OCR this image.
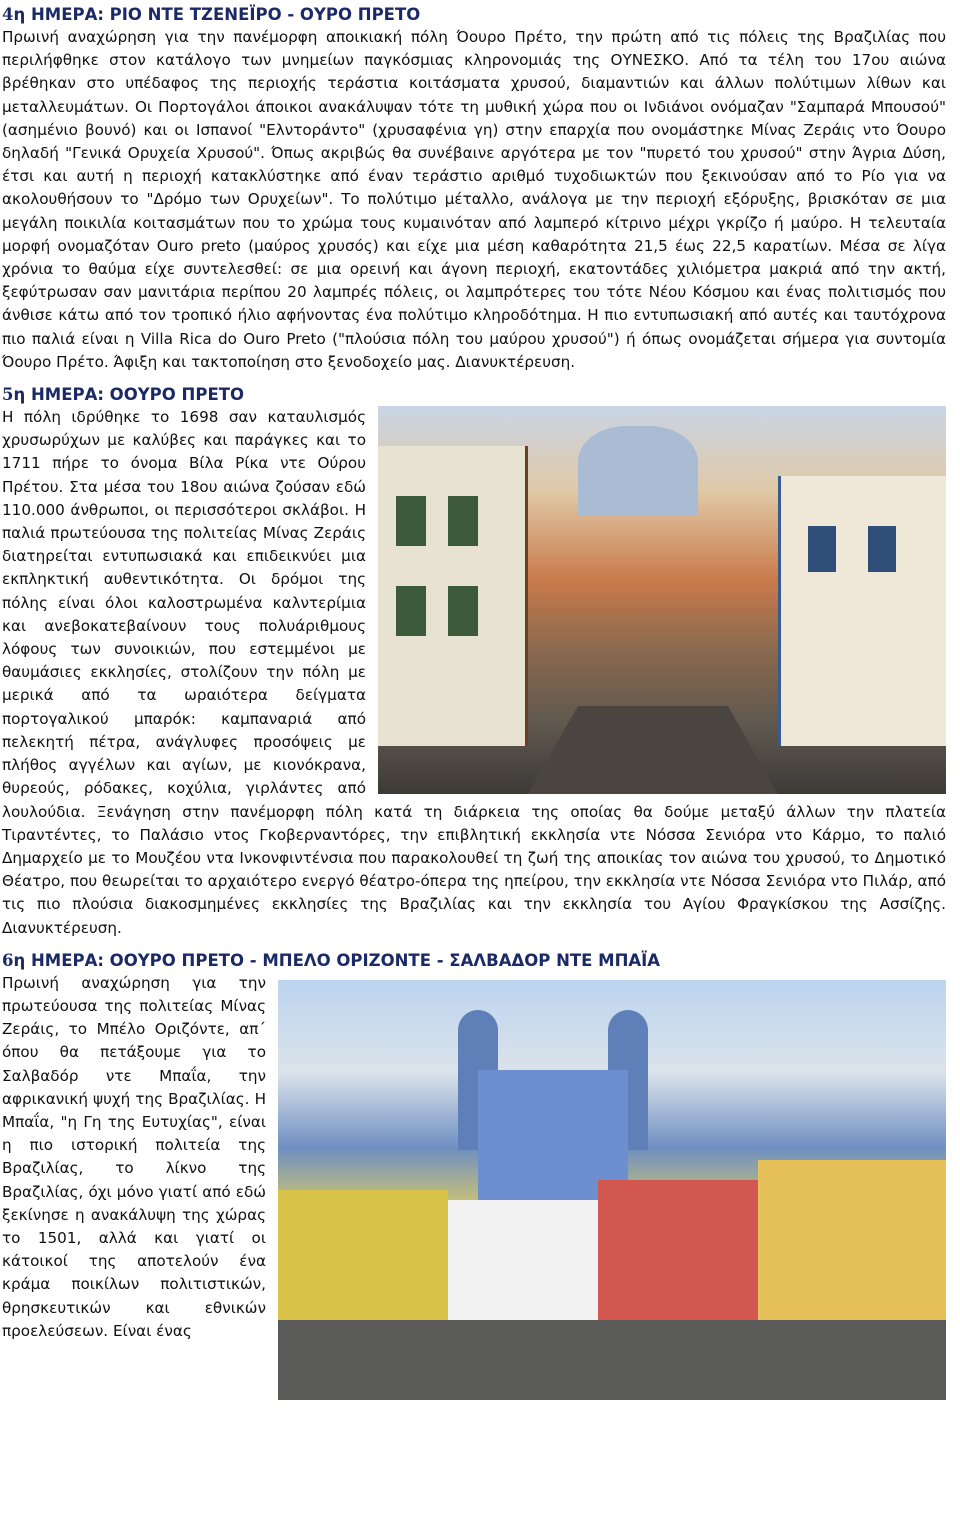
4η ΗΜΕΡΑ: ΡΙΟ ΝΤΕ ΤΖΕΝΕΪΡΟ - ΟΥΡΟ ΠΡΕΤΟ

Πρωινή αναχώρηση για την πανέμορφη αποικιακή πόλη Όουρο Πρέτο, την πρώτη από τις πόλεις της Βραζιλίας που περιλήφθηκε στον κατάλογο των μνημείων παγκόσμιας κληρονομιάς της ΟΥΝΕΣΚΟ. Από τα τέλη του 17ου αιώνα βρέθηκαν στο υπέδαφος της περιοχής τεράστια κοιτάσματα χρυσού, διαμαντιών και άλλων πολύτιμων λίθων και μεταλλευμάτων. Οι Πορτογάλοι άποικοι ανακάλυψαν τότε τη μυθική χώρα που οι Ινδιάνοι ονόμαζαν "Σαμπαρά Μπουσού" (ασημένιο βουνό) και οι Ισπανοί "Ελντοράντο" (χρυσαφένια γη) στην επαρχία που ονομάστηκε Μίνας Ζεράις ντο Όουρο δηλαδή "Γενικά Ορυχεία Χρυσού". Όπως ακριβώς θα συνέβαινε αργότερα με τον "πυρετό του χρυσού" στην Άγρια Δύση, έτσι και αυτή η περιοχή κατακλύστηκε από έναν τεράστιο αριθμό τυχοδιωκτών που ξεκινούσαν από το Ρίο για να ακολουθήσουν το "Δρόμο των Ορυχείων". Το πολύτιμο μέταλλο, ανάλογα με την περιοχή εξόρυξης, βρισκόταν σε μια μεγάλη ποικιλία κοιτασμάτων που το χρώμα τους κυμαινόταν από λαμπερό κίτρινο μέχρι γκρίζο ή μαύρο. Η τελευταία μορφή ονομαζόταν Ouro preto (μαύρος χρυσός) και είχε μια μέση καθαρότητα 21,5 έως 22,5 καρατίων. Μέσα σε λίγα χρόνια το θαύμα είχε συντελεσθεί: σε μια ορεινή και άγονη περιοχή, εκατοντάδες χιλιόμετρα μακριά από την ακτή, ξεφύτρωσαν σαν μανιτάρια περίπου 20 λαμπρές πόλεις, οι λαμπρότερες του τότε Νέου Κόσμου και ένας πολιτισμός που άνθισε κάτω από τον τροπικό ήλιο αφήνοντας ένα πολύτιμο κληροδότημα. Η πιο εντυπωσιακή από αυτές και ταυτόχρονα πιο παλιά είναι η Villa Rica do Ouro Preto ("πλούσια πόλη του μαύρου χρυσού") ή όπως ονομάζεται σήμερα για συντομία Όουρο Πρέτο. Άφιξη και τακτοποίηση στο ξενοδοχείο μας. Διανυκτέρευση.

5η ΗΜΕΡΑ: ΟΟΥΡΟ ΠΡΕΤΟ

Η πόλη ιδρύθηκε το 1698 σαν καταυλισμός χρυσωρύχων με καλύβες και παράγκες και το 1711 πήρε το όνομα Βίλα Ρίκα ντε Ούρου Πρέτου. Στα μέσα του 18ου αιώνα ζούσαν εδώ 110.000 άνθρωποι, οι περισσότεροι σκλάβοι. Η παλιά πρωτεύουσα της πολιτείας Μίνας Ζεράις διατηρείται εντυπωσιακά και επιδεικνύει μια εκπληκτική αυθεντικότητα. Οι δρόμοι της πόλης είναι όλοι καλοστρωμένα καλντερίμια και ανεβοκατεβαίνουν τους πολυάριθμους λόφους των συνοικιών, που εστεμμένοι με θαυμάσιες εκκλησίες, στολίζουν την πόλη με μερικά από τα ωραιότερα δείγματα πορτογαλικού μπαρόκ: καμπαναριά από πελεκητή πέτρα, ανάγλυφες προσόψεις με πλήθος αγγέλων και αγίων, με κιονόκρανα, θυρεούς, ρόδακες, κοχύλια, γιρλάντες από λουλούδια. Ξενάγηση στην πανέμορφη πόλη κατά τη διάρκεια της οποίας θα δούμε μεταξύ άλλων την πλατεία Τιραντέντες, το Παλάσιο ντος Γκοβερναντόρες, την επιβλητική εκκλησία ντε Νόσσα Σενιόρα ντο Κάρμο, το παλιό Δημαρχείο με το Μουζέου ντα Ινκονφιντένσια που παρακολουθεί τη ζωή της αποικίας τον αιώνα του χρυσού, το Δημοτικό Θέατρο, που θεωρείται το αρχαιότερο ενεργό θέατρο-όπερα της ηπείρου, την εκκλησία ντε Νόσσα Σενιόρα ντο Πιλάρ, από τις πιο πλούσια διακοσμημένες εκκλησίες της Βραζιλίας και την εκκλησία του Αγίου Φραγκίσκου της Ασσίζης. Διανυκτέρευση.

6η ΗΜΕΡΑ: ΟΟΥΡΟ ΠΡΕΤΟ - ΜΠΕΛΟ ΟΡΙΖΟΝΤΕ - ΣΑΛΒΑΔΟΡ ΝΤΕ ΜΠΑΪΑ

Πρωινή αναχώρηση για την πρωτεύουσα της πολιτείας Μίνας Ζεράις, το Μπέλο Οριζόντε, απ΄ όπου θα πετάξουμε για το Σαλβαδόρ ντε Μπαΐα, την αφρικανική ψυχή της Βραζιλίας. Η Μπαΐα, "η Γη της Ευτυχίας", είναι η πιο ιστορική πολιτεία της Βραζιλίας, το λίκνο της Βραζιλίας, όχι μόνο γιατί από εδώ ξεκίνησε η ανακάλυψη της χώρας το 1501, αλλά και γιατί οι κάτοικοί της αποτελούν ένα κράμα ποικίλων πολιτιστικών, θρησκευτικών και εθνικών προελεύσεων. Είναι ένας
